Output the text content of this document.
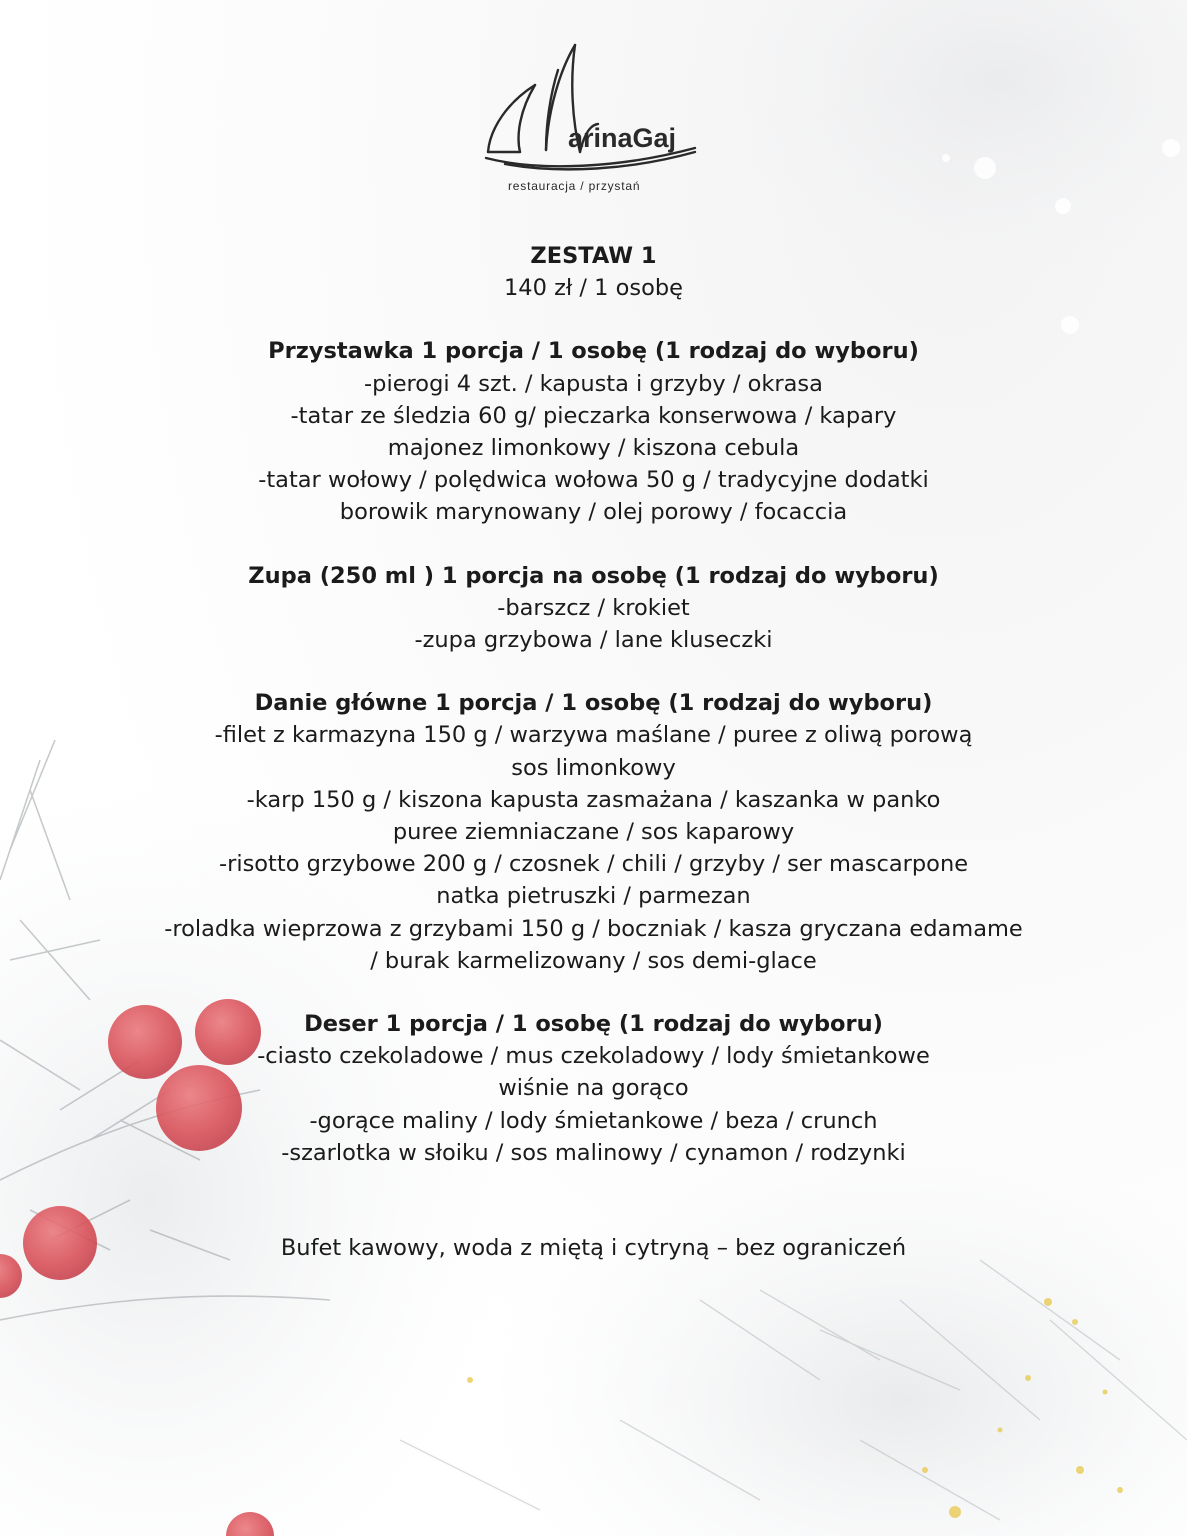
arinaGaj
restauracja / przystań

ZESTAW 1

140 zł / 1 osobę

Przystawka 1 porcja / 1 osobę (1 rodzaj do wyboru)

-pierogi 4 szt. / kapusta i grzyby / okrasa

-tatar ze śledzia 60 g/ pieczarka konserwowa / kapary

majonez limonkowy / kiszona cebula

-tatar wołowy / polędwica wołowa 50 g / tradycyjne dodatki

borowik marynowany / olej porowy / focaccia

Zupa (250 ml ) 1 porcja na osobę (1 rodzaj do wyboru)

-barszcz / krokiet

-zupa grzybowa / lane kluseczki

Danie główne 1 porcja / 1 osobę (1 rodzaj do wyboru)

-filet z karmazyna 150 g / warzywa maślane / puree z oliwą porową

sos limonkowy

-karp 150 g / kiszona kapusta zasmażana / kaszanka w panko

puree ziemniaczane / sos kaparowy

-risotto grzybowe 200 g / czosnek / chili / grzyby / ser mascarpone

natka pietruszki / parmezan

-roladka wieprzowa z grzybami 150 g / boczniak / kasza gryczana edamame

/ burak karmelizowany / sos demi-glace

Deser 1 porcja / 1 osobę (1 rodzaj do wyboru)

-ciasto czekoladowe / mus czekoladowy / lody śmietankowe

wiśnie na gorąco

-gorące maliny / lody śmietankowe / beza / crunch

-szarlotka w słoiku / sos malinowy / cynamon / rodzynki

Bufet kawowy, woda z miętą i cytryną – bez ograniczeń
